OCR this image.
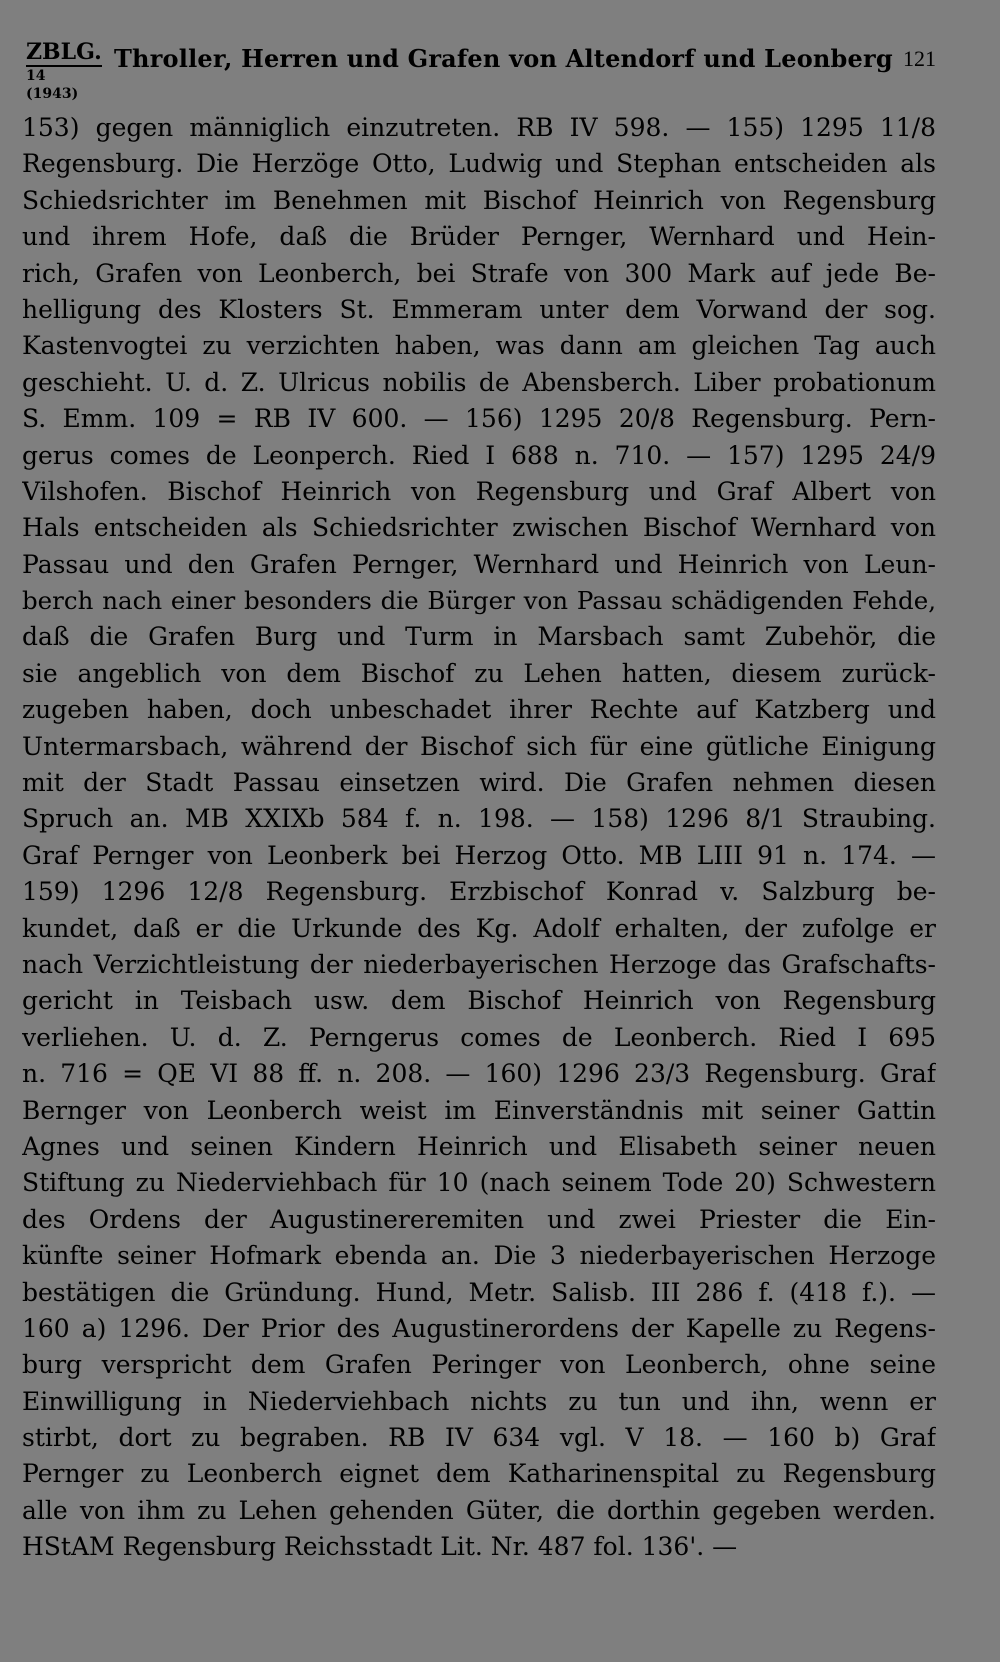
ZBLG.
14 (1943)
Throller, Herren und Grafen von Altendorf und Leonberg 121
153) gegen männiglich einzutreten. RB IV 598. — 155) 1295 11/8
Regensburg. Die Herzöge Otto, Ludwig und Stephan entscheiden als
Schiedsrichter im Benehmen mit Bischof Heinrich von Regensburg
und ihrem Hofe, daß die Brüder Pernger, Wernhard und Hein-
rich, Grafen von Leonberch, bei Strafe von 300 Mark auf jede Be-
helligung des Klosters St. Emmeram unter dem Vorwand der sog.
Kastenvogtei zu verzichten haben, was dann am gleichen Tag auch
geschieht. U. d. Z. Ulricus nobilis de Abensberch. Liber probationum
S. Emm. 109 = RB IV 600. — 156) 1295 20/8 Regensburg. Pern-
gerus comes de Leonperch. Ried I 688 n. 710. — 157) 1295 24/9
Vilshofen. Bischof Heinrich von Regensburg und Graf Albert von
Hals entscheiden als Schiedsrichter zwischen Bischof Wernhard von
Passau und den Grafen Pernger, Wernhard und Heinrich von Leun-
berch nach einer besonders die Bürger von Passau schädigenden Fehde,
daß die Grafen Burg und Turm in Marsbach samt Zubehör, die
sie angeblich von dem Bischof zu Lehen hatten, diesem zurück-
zugeben haben, doch unbeschadet ihrer Rechte auf Katzberg und
Untermarsbach, während der Bischof sich für eine gütliche Einigung
mit der Stadt Passau einsetzen wird. Die Grafen nehmen diesen
Spruch an. MB XXIXb 584 f. n. 198. — 158) 1296 8/1 Straubing.
Graf Pernger von Leonberk bei Herzog Otto. MB LIII 91 n. 174. —
159) 1296 12/8 Regensburg. Erzbischof Konrad v. Salzburg be-
kundet, daß er die Urkunde des Kg. Adolf erhalten, der zufolge er
nach Verzichtleistung der niederbayerischen Herzoge das Grafschafts-
gericht in Teisbach usw. dem Bischof Heinrich von Regensburg
verliehen. U. d. Z. Perngerus comes de Leonberch. Ried I 695
n. 716 = QE VI 88 ff. n. 208. — 160) 1296 23/3 Regensburg. Graf
Bernger von Leonberch weist im Einverständnis mit seiner Gattin
Agnes und seinen Kindern Heinrich und Elisabeth seiner neuen
Stiftung zu Niederviehbach für 10 (nach seinem Tode 20) Schwestern
des Ordens der Augustinereremiten und zwei Priester die Ein-
künfte seiner Hofmark ebenda an. Die 3 niederbayerischen Herzoge
bestätigen die Gründung. Hund, Metr. Salisb. III 286 f. (418 f.). —
160 a) 1296. Der Prior des Augustinerordens der Kapelle zu Regens-
burg verspricht dem Grafen Peringer von Leonberch, ohne seine
Einwilligung in Niederviehbach nichts zu tun und ihn, wenn er
stirbt, dort zu begraben. RB IV 634 vgl. V 18. — 160 b) Graf
Pernger zu Leonberch eignet dem Katharinenspital zu Regensburg
alle von ihm zu Lehen gehenden Güter, die dorthin gegeben werden.
HStAM Regensburg Reichsstadt Lit. Nr. 487 fol. 136'. —
